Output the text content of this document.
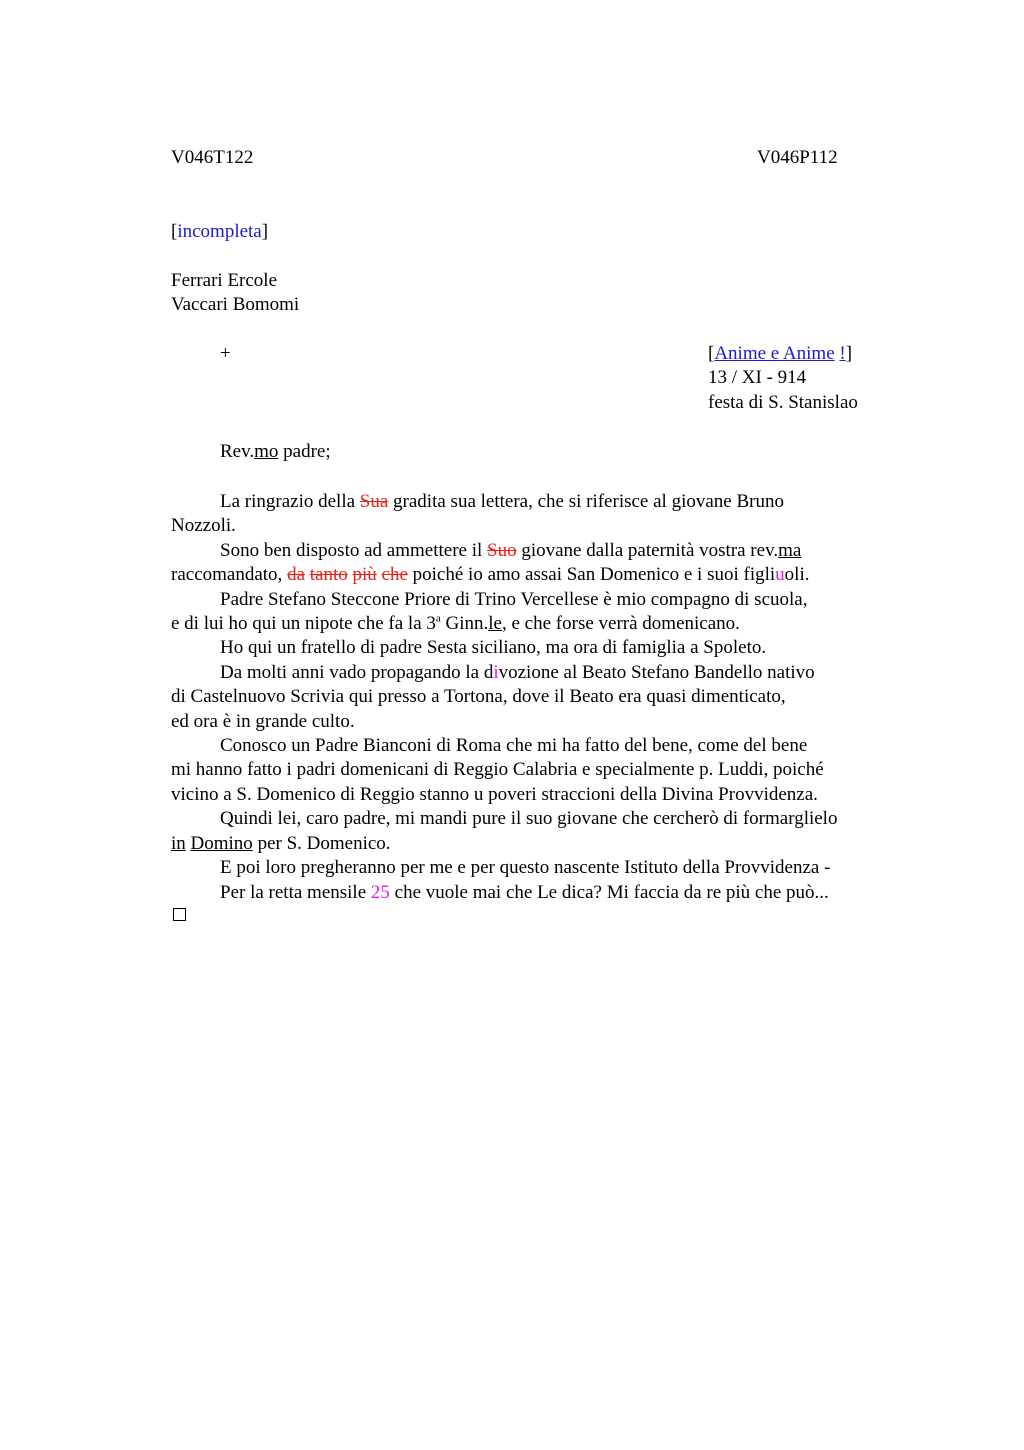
V046T122	V046P112
[incompleta]
Ferrari Ercole
Vaccari Bomomi
+	[Anime e Anime !]
13 / XI - 914
festa di S. Stanislao
Rev.mo padre;

La ringrazio della Sua gradita sua lettera, che si riferisce al giovane Bruno

Nozzoli.

Sono ben disposto ad ammettere il Suo giovane dalla paternità vostra rev.ma

raccomandato, da tanto più che poiché io amo assai San Domenico e i suoi figliuoli.

Padre Stefano Steccone Priore di Trino Vercellese è mio compagno di scuola,

e di lui ho qui un nipote che fa la 3$^a$ Ginn.le, e che forse verrà domenicano.

Ho qui un fratello di padre Sesta siciliano, ma ora di famiglia a Spoleto.

Da molti anni vado propagando la divozione al Beato Stefano Bandello nativo

di Castelnuovo Scrivia qui presso a Tortona, dove il Beato era quasi dimenticato,

ed ora è in grande culto.

Conosco un Padre Bianconi di Roma che mi ha fatto del bene, come del bene

mi hanno fatto i padri domenicani di Reggio Calabria e specialmente p. Luddi, poiché

vicino a S. Domenico di Reggio stanno u poveri straccioni della Divina Provvidenza.

Quindi lei, caro padre, mi mandi pure il suo giovane che cercherò di formarglielo

in Domino per S. Domenico.

E poi loro pregheranno per me e per questo nascente Istituto della Provvidenza -

Per la retta mensile 25 che vuole mai che Le dica? Mi faccia da re più che può...
